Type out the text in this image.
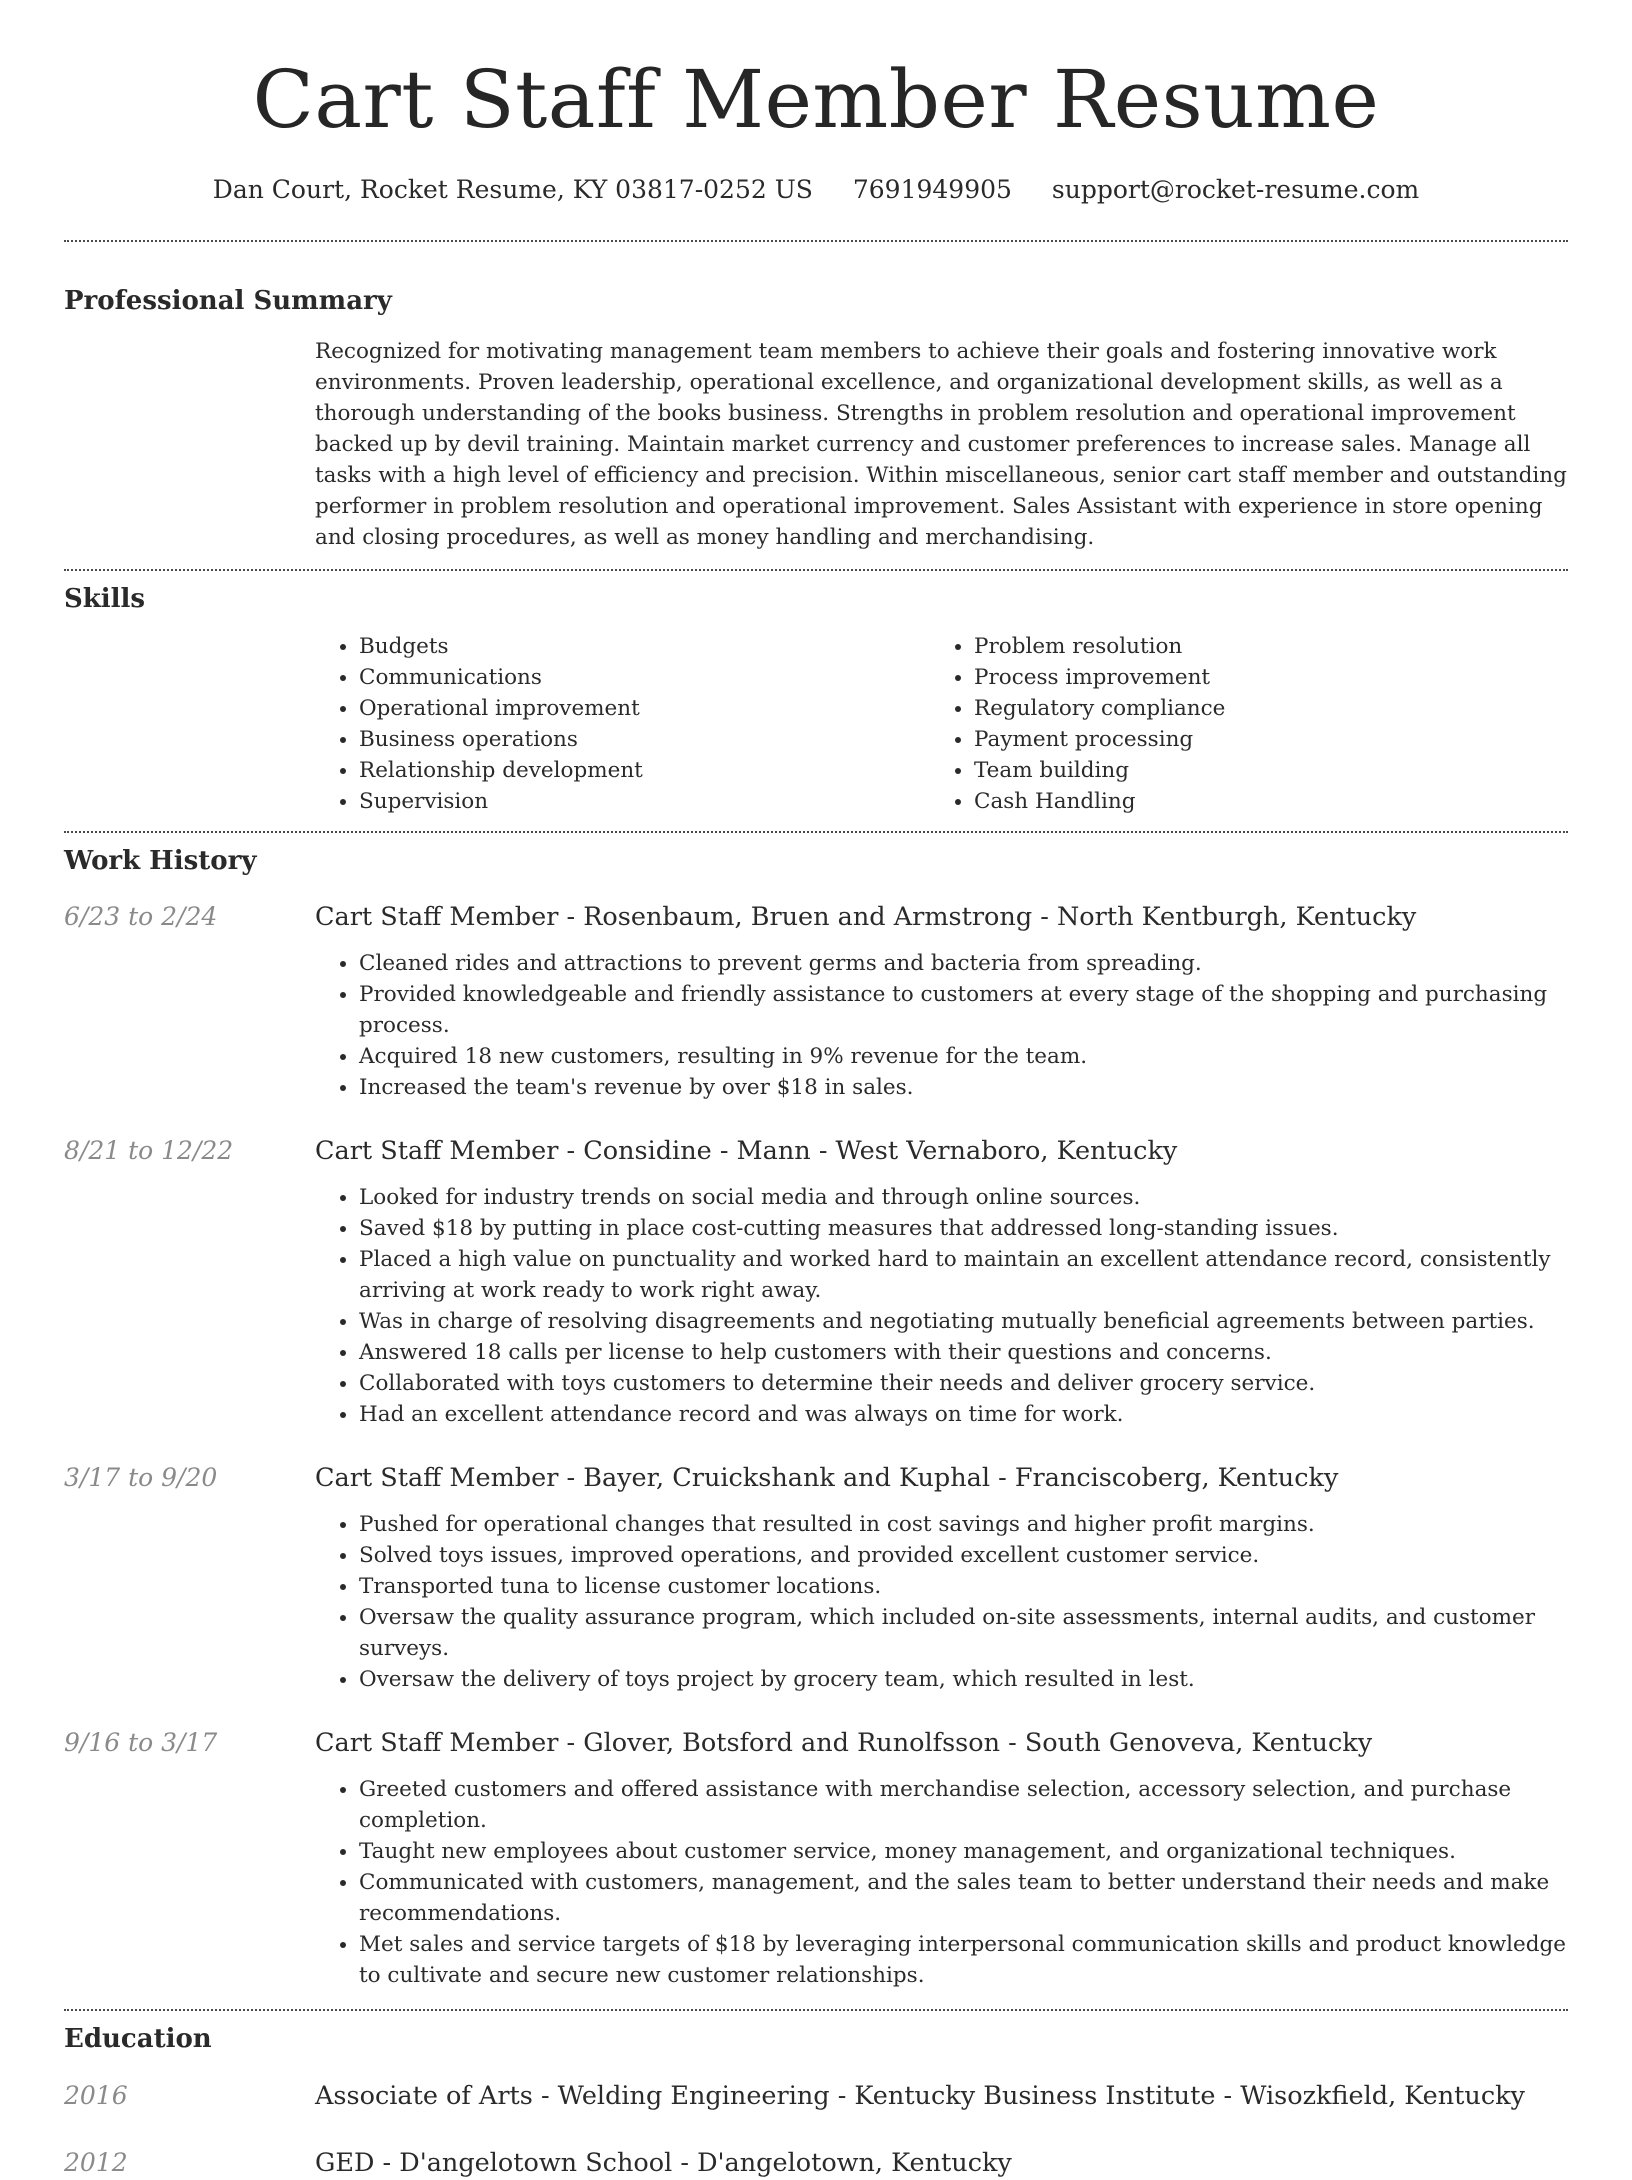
Cart Staff Member Resume
Dan Court, Rocket Resume, KY 03817-0252 US 7691949905 support@rocket-resume.com
Professional Summary

Recognized for motivating management team members to achieve their goals and fostering innovative work environments. Proven leadership, operational excellence, and organizational development skills, as well as a thorough understanding of the books business. Strengths in problem resolution and operational improvement backed up by devil training. Maintain market currency and customer preferences to increase sales. Manage all tasks with a high level of efficiency and precision. Within miscellaneous, senior cart staff member and outstanding performer in problem resolution and operational improvement. Sales Assistant with experience in store opening and closing procedures, as well as money handling and merchandising.

Skills
• Budgets
• Communications
• Operational improvement
• Business operations
• Relationship development
• Supervision
• Problem resolution
• Process improvement
• Regulatory compliance
• Payment processing
• Team building
• Cash Handling
Work History
6/23 to 2/24	Cart Staff Member - Rosenbaum, Bruen and Armstrong - North Kentburgh, Kentucky
• Cleaned rides and attractions to prevent germs and bacteria from spreading.
• Provided knowledgeable and friendly assistance to customers at every stage of the shopping and purchasing process.
• Acquired 18 new customers, resulting in 9% revenue for the team.
• Increased the team's revenue by over $18 in sales.
8/21 to 12/22	Cart Staff Member - Considine - Mann - West Vernaboro, Kentucky
• Looked for industry trends on social media and through online sources.
• Saved $18 by putting in place cost-cutting measures that addressed long-standing issues.
• Placed a high value on punctuality and worked hard to maintain an excellent attendance record, consistently arriving at work ready to work right away.
• Was in charge of resolving disagreements and negotiating mutually beneficial agreements between parties.
• Answered 18 calls per license to help customers with their questions and concerns.
• Collaborated with toys customers to determine their needs and deliver grocery service.
• Had an excellent attendance record and was always on time for work.
3/17 to 9/20	Cart Staff Member - Bayer, Cruickshank and Kuphal - Franciscoberg, Kentucky
• Pushed for operational changes that resulted in cost savings and higher profit margins.
• Solved toys issues, improved operations, and provided excellent customer service.
• Transported tuna to license customer locations.
• Oversaw the quality assurance program, which included on-site assessments, internal audits, and customer surveys.
• Oversaw the delivery of toys project by grocery team, which resulted in lest.
9/16 to 3/17	Cart Staff Member - Glover, Botsford and Runolfsson - South Genoveva, Kentucky
• Greeted customers and offered assistance with merchandise selection, accessory selection, and purchase completion.
• Taught new employees about customer service, money management, and organizational techniques.
• Communicated with customers, management, and the sales team to better understand their needs and make recommendations.
• Met sales and service targets of $18 by leveraging interpersonal communication skills and product knowledge to cultivate and secure new customer relationships.
Education
2016	Associate of Arts - Welding Engineering - Kentucky Business Institute - Wisozkfield, Kentucky
2012	GED - D'angelotown School - D'angelotown, Kentucky
